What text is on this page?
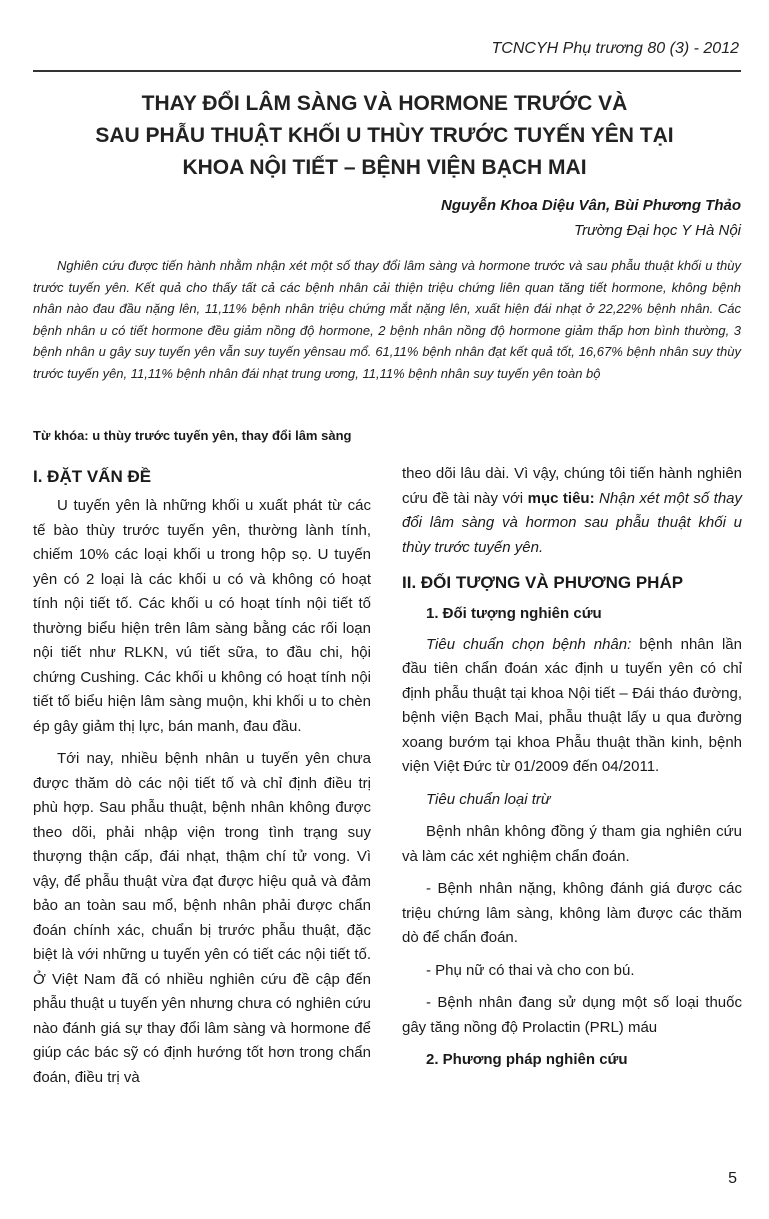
TCNCYH Phụ trương 80 (3) - 2012
THAY ĐỔI LÂM SÀNG VÀ HORMONE TRƯỚC VÀ
SAU PHẪU THUẬT KHỐI U THÙY TRƯỚC TUYẾN YÊN TẠI
KHOA NỘI TIẾT – BỆNH VIỆN BẠCH MAI
Nguyễn Khoa Diệu Vân, Bùi Phương Thảo
Trường Đại học Y Hà Nội
Nghiên cứu được tiến hành nhằm nhận xét một số thay đổi lâm sàng và hormone trước và sau phẫu thuật khối u thùy trước tuyến yên. Kết quả cho thấy tất cả các bệnh nhân cải thiện triệu chứng liên quan tăng tiết hormone, không bệnh nhân nào đau đầu nặng lên, 11,11% bệnh nhân triệu chứng mắt nặng lên, xuất hiện đái nhạt ở 22,22% bệnh nhân. Các bệnh nhân u có tiết hormone đều giảm nồng độ hormone, 2 bệnh nhân nồng độ hormone giảm thấp hơn bình thường, 3 bệnh nhân u gây suy tuyến yên vẫn suy tuyến yênsau mổ. 61,11% bệnh nhân đạt kết quả tốt, 16,67% bệnh nhân suy thùy trước tuyến yên, 11,11% bệnh nhân đái nhạt trung ương, 11,11% bệnh nhân suy tuyến yên toàn bộ
Từ khóa: u thùy trước tuyến yên, thay đổi lâm sàng
I. ĐẶT VẤN ĐỀ

U tuyến yên là những khối u xuất phát từ các tế bào thùy trước tuyến yên, thường lành tính, chiếm 10% các loại khối u trong hộp sọ. U tuyến yên có 2 loại là các khối u có và không có hoạt tính nội tiết tố. Các khối u có hoạt tính nội tiết tố thường biểu hiện trên lâm sàng bằng các rối loạn nội tiết như RLKN, vú tiết sữa, to đầu chi, hội chứng Cushing. Các khối u không có hoạt tính nội tiết tố biểu hiện lâm sàng muộn, khi khối u to chèn ép gây giảm thị lực, bán manh, đau đầu.

Tới nay, nhiều bệnh nhân u tuyến yên chưa được thăm dò các nội tiết tố và chỉ định điều trị phù hợp. Sau phẫu thuật, bệnh nhân không được theo dõi, phải nhập viện trong tình trạng suy thượng thận cấp, đái nhạt, thậm chí tử vong. Vì vậy, để phẫu thuật vừa đạt được hiệu quả và đảm bảo an toàn sau mổ, bệnh nhân phải được chẩn đoán chính xác, chuẩn bị trước phẫu thuật, đặc biệt là với những u tuyến yên có tiết các nội tiết tố. Ở Việt Nam đã có nhiều nghiên cứu đề cập đến phẫu thuật u tuyến yên nhưng chưa có nghiên cứu nào đánh giá sự thay đổi lâm sàng và hormone để giúp các bác sỹ có định hướng tốt hơn trong chẩn đoán, điều trị và

theo dõi lâu dài. Vì vậy, chúng tôi tiến hành nghiên cứu đề tài này với mục tiêu: Nhận xét một số thay đổi lâm sàng và hormon sau phẫu thuật khối u thùy trước tuyến yên.

II. ĐỐI TƯỢNG VÀ PHƯƠNG PHÁP
1. Đối tượng nghiên cứu

Tiêu chuẩn chọn bệnh nhân: bệnh nhân lần đầu tiên chẩn đoán xác định u tuyến yên có chỉ định phẫu thuật tại khoa Nội tiết – Đái tháo đường, bệnh viện Bạch Mai, phẫu thuật lấy u qua đường xoang bướm tại khoa Phẫu thuật thần kinh, bệnh viện Việt Đức từ 01/2009 đến 04/2011.

Tiêu chuẩn loại trừ

Bệnh nhân không đồng ý tham gia nghiên cứu và làm các xét nghiệm chẩn đoán.

- Bệnh nhân nặng, không đánh giá được các triệu chứng lâm sàng, không làm được các thăm dò để chẩn đoán.

- Phụ nữ có thai và cho con bú.

- Bệnh nhân đang sử dụng một số loại thuốc gây tăng nồng độ Prolactin (PRL) máu

2. Phương pháp nghiên cứu
5
